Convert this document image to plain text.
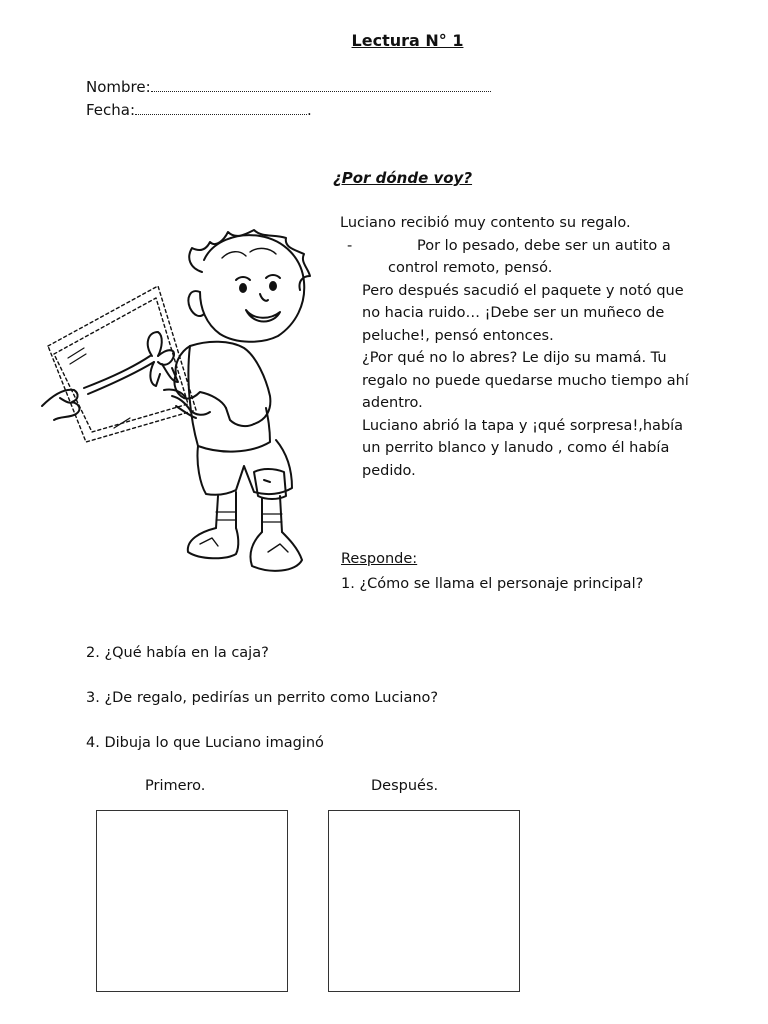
Lectura N° 1
Nombre:
Fecha:	.
¿Por dónde voy?

Luciano recibió muy contento su regalo.

-	Por lo pesado, debe ser un autito a

control remoto, pensó.

Pero después sacudió el paquete y notó que

no hacia ruido… ¡Debe ser un muñeco de

peluche!, pensó entonces.

¿Por qué no lo abres? Le dijo su mamá. Tu

regalo no puede quedarse mucho tiempo ahí

adentro.

Luciano abrió la tapa y ¡qué sorpresa!,había

un perrito blanco y lanudo , como él había

pedido.

Responde:
1. ¿Cómo se llama el personaje principal?
2. ¿Qué había en la caja?
3. ¿De regalo, pedirías un perrito como Luciano?
4. Dibuja lo que Luciano imaginó
Primero.	Después.
